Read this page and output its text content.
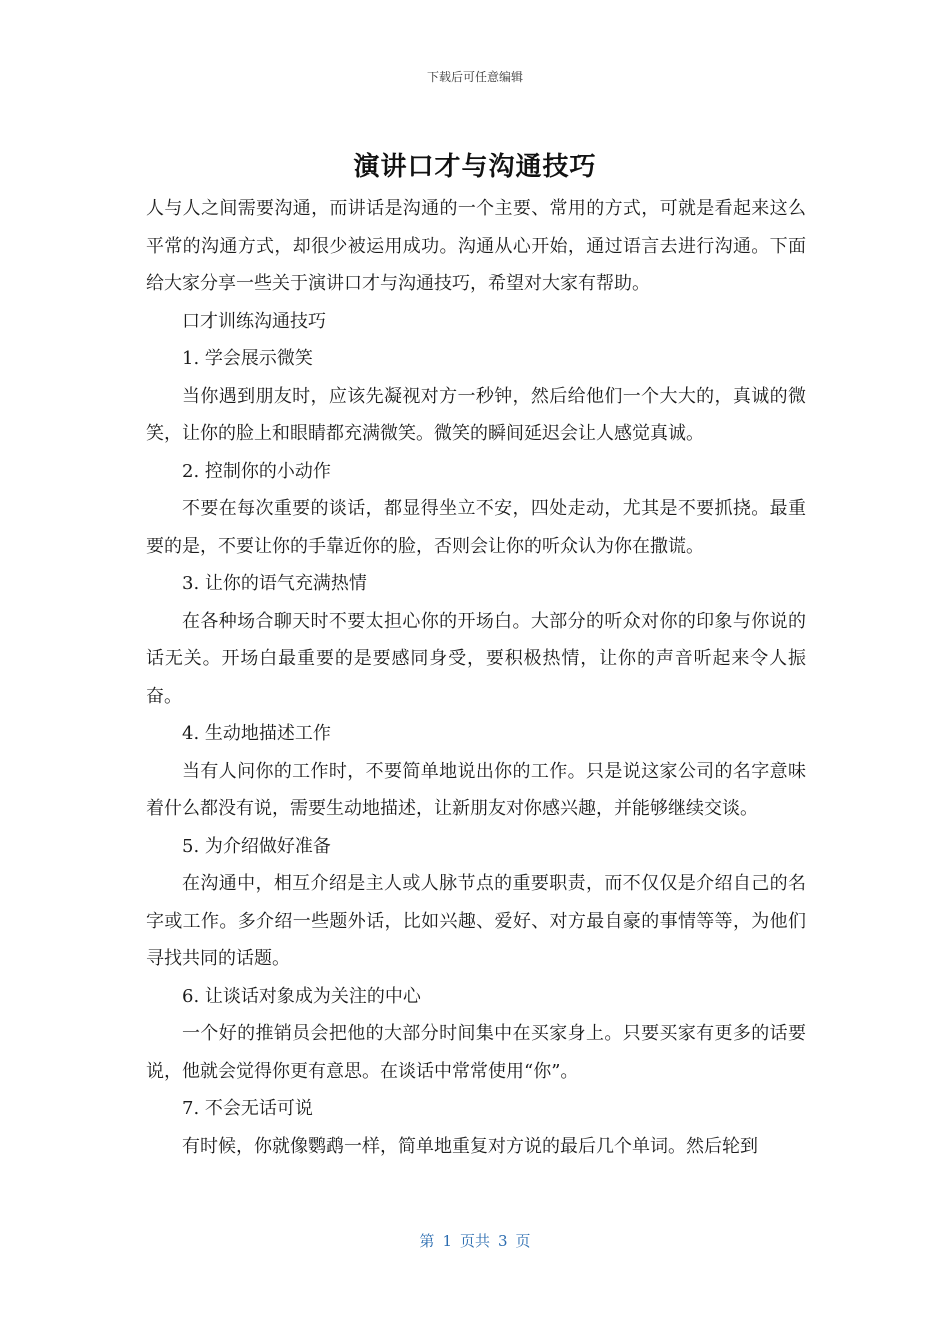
下载后可任意编辑
演讲口才与沟通技巧

人与人之间需要沟通，而讲话是沟通的一个主要、常用的方式，可就是看起来这么平常的沟通方式，却很少被运用成功。沟通从心开始，通过语言去进行沟通。下面给大家分享一些关于演讲口才与沟通技巧，希望对大家有帮助。

口才训练沟通技巧

1. 学会展示微笑

当你遇到朋友时，应该先凝视对方一秒钟，然后给他们一个大大的，真诚的微笑，让你的脸上和眼睛都充满微笑。微笑的瞬间延迟会让人感觉真诚。

2. 控制你的小动作

不要在每次重要的谈话，都显得坐立不安，四处走动，尤其是不要抓挠。最重要的是，不要让你的手靠近你的脸，否则会让你的听众认为你在撒谎。

3. 让你的语气充满热情

在各种场合聊天时不要太担心你的开场白。大部分的听众对你的印象与你说的话无关。开场白最重要的是要感同身受，要积极热情，让你的声音听起来令人振奋。

4. 生动地描述工作

当有人问你的工作时，不要简单地说出你的工作。只是说这家公司的名字意味着什么都没有说，需要生动地描述，让新朋友对你感兴趣，并能够继续交谈。

5. 为介绍做好准备

在沟通中，相互介绍是主人或人脉节点的重要职责，而不仅仅是介绍自己的名字或工作。多介绍一些题外话，比如兴趣、爱好、对方最自豪的事情等等，为他们寻找共同的话题。

6. 让谈话对象成为关注的中心

一个好的推销员会把他的大部分时间集中在买家身上。只要买家有更多的话要说，他就会觉得你更有意思。在谈话中常常使用“你”。

7. 不会无话可说

有时候，你就像鹦鹉一样，简单地重复对方说的最后几个单词。然后轮到

第 1 页共 3 页
